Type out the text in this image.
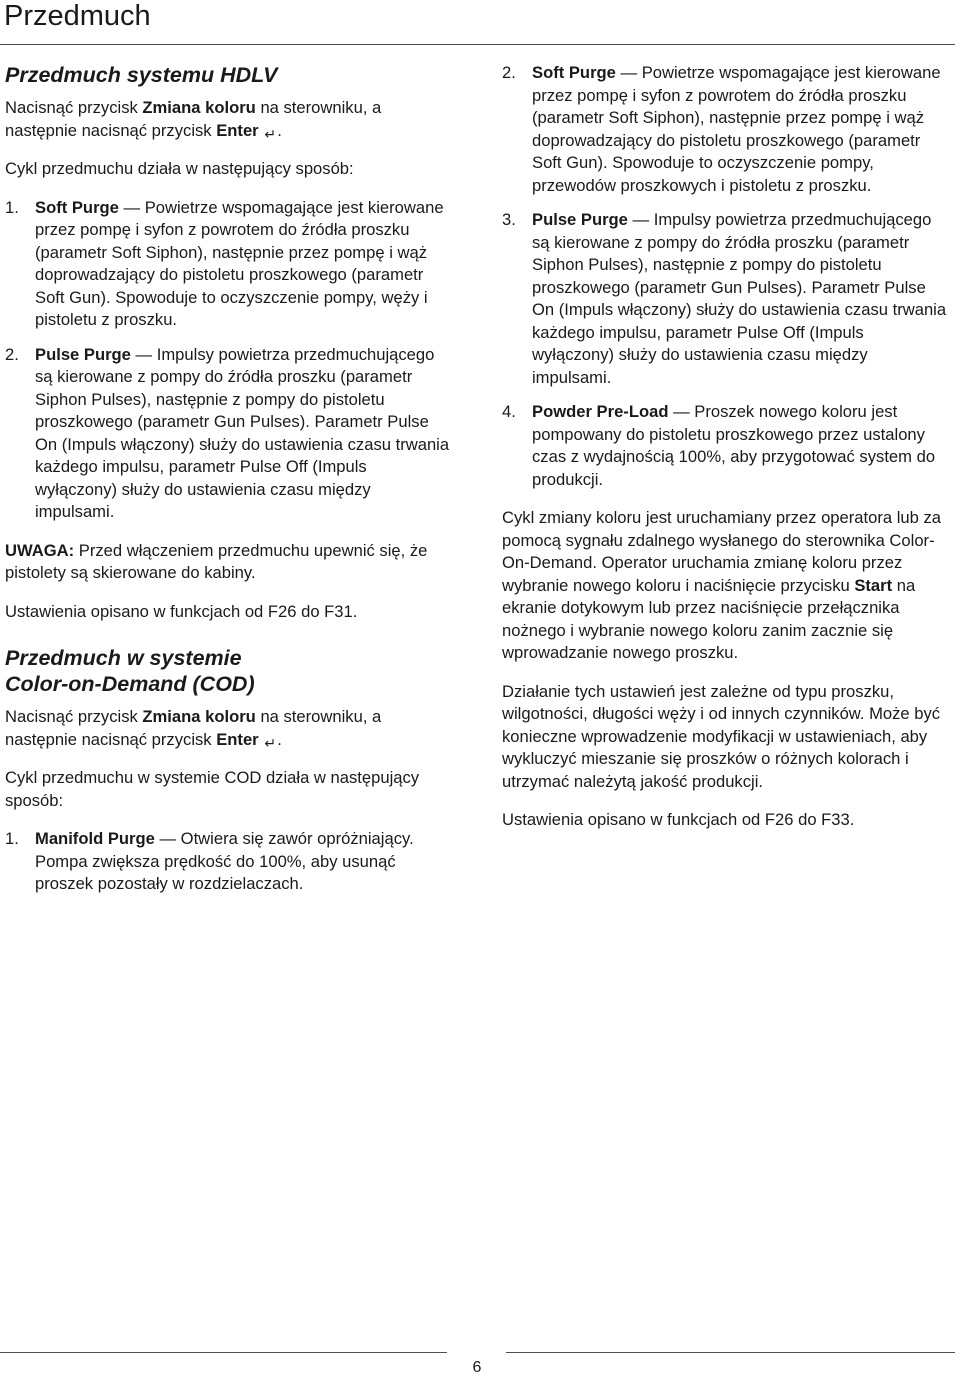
Przedmuch
Przedmuch systemu HDLV

Nacisnąć przycisk Zmiana koloru na sterowniku, a następnie nacisnąć przycisk Enter ↵.

Cykl przedmuchu działa w następujący sposób:

1. Soft Purge — Powietrze wspomagające jest kierowane przez pompę i syfon z powrotem do źródła proszku (parametr Soft Siphon), następnie przez pompę i wąż doprowadzający do pistoletu proszkowego (parametr Soft Gun). Spowoduje to oczyszczenie pompy, węży i pistoletu z proszku.
2. Pulse Purge — Impulsy powietrza przedmuchującego są kierowane z pompy do źródła proszku (parametr Siphon Pulses), następnie z pompy do pistoletu proszkowego (parametr Gun Pulses). Parametr Pulse On (Impuls włączony) służy do ustawienia czasu trwania każdego impulsu, parametr Pulse Off (Impuls wyłączony) służy do ustawienia czasu między impulsami.

UWAGA: Przed włączeniem przedmuchu upewnić się, że pistolety są skierowane do kabiny.

Ustawienia opisano w funkcjach od F26 do F31.

Przedmuch w systemie
Color-on-Demand (COD)

Nacisnąć przycisk Zmiana koloru na sterowniku, a następnie nacisnąć przycisk Enter ↵.

Cykl przedmuchu w systemie COD działa w następujący sposób:

1. Manifold Purge — Otwiera się zawór opróżniający. Pompa zwiększa prędkość do 100%, aby usunąć proszek pozostały w rozdzielaczach.
2. Soft Purge — Powietrze wspomagające jest kierowane przez pompę i syfon z powrotem do źródła proszku (parametr Soft Siphon), następnie przez pompę i wąż doprowadzający do pistoletu proszkowego (parametr Soft Gun). Spowoduje to oczyszczenie pompy, przewodów proszkowych i pistoletu z proszku.
3. Pulse Purge — Impulsy powietrza przedmuchującego są kierowane z pompy do źródła proszku (parametr Siphon Pulses), następnie z pompy do pistoletu proszkowego (parametr Gun Pulses). Parametr Pulse On (Impuls włączony) służy do ustawienia czasu trwania każdego impulsu, parametr Pulse Off (Impuls wyłączony) służy do ustawienia czasu między impulsami.
4. Powder Pre-Load — Proszek nowego koloru jest pompowany do pistoletu proszkowego przez ustalony czas z wydajnością 100%, aby przygotować system do produkcji.

Cykl zmiany koloru jest uruchamiany przez operatora lub za pomocą sygnału zdalnego wysłanego do sterownika Color-On-Demand. Operator uruchamia zmianę koloru przez wybranie nowego koloru i naciśnięcie przycisku Start na ekranie dotykowym lub przez naciśnięcie przełącznika nożnego i wybranie nowego koloru zanim zacznie się wprowadzanie nowego proszku.

Działanie tych ustawień jest zależne od typu proszku, wilgotności, długości węży i od innych czynników. Może być konieczne wprowadzenie modyfikacji w ustawieniach, aby wykluczyć mieszanie się proszków o różnych kolorach i utrzymać należytą jakość produkcji.

Ustawienia opisano w funkcjach od F26 do F33.

6
